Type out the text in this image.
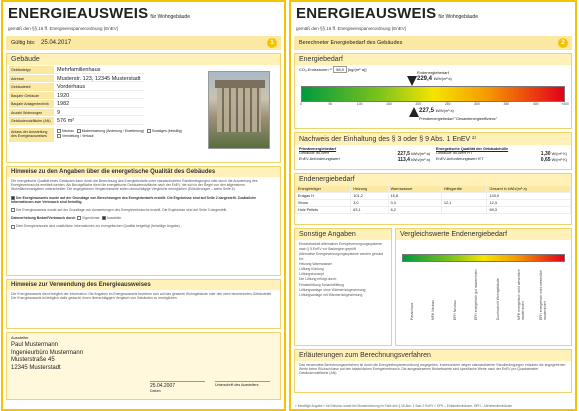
ENERGIEAUSWEIS für Wohngebäude
gemäß den §§ 16 ff. Energieeinsparverordnung (EnEV)
Gültig bis: 25.04.2017	1
Gebäude
Gebäudetyp	Mehrfamilienhaus
Adresse	Musterstr. 123, 12345 Musterstadt
Gebäudeteil	Vorderhaus
Baujahr Gebäude	1920
Baujahr Anlagentechnik	1982
Anzahl Wohnungen	9
Gebäudenutzfläche (AN)	576 m²
Anlass der Ausstellung des Energieausweises
Neubau Modernisierung (Änderung / Erweiterung) Sonstiges (freiwillig)
Vermietung / Verkauf
Hinweise zu den Angaben über die energetische Qualität des Gebäudes
Die energetische Qualität eines Gebäudes kann durch die Berechnung des Energiebedarfs unter standardisierten Randbedingungen oder durch die Auswertung des Energieverbrauchs ermittelt werden. Als Bezugsfläche dient die energetische Gebäudenutzfläche nach der EnEV, die sich in der Regel von den allgemeinen Wohnflächenangaben unterscheidet. Die angegebenen Vergleichswerte sollen überschlägige Vergleiche ermöglichen (Erläuterungen – siehe Seite 4).
Der Energieausweis wurde auf der Grundlage von Berechnungen des Energiebedarfs erstellt. Die Ergebnisse sind auf Seite 2 dargestellt. Zusätzliche Informationen zum Verbrauch sind freiwillig.
Der Energieausweis wurde auf der Grundlage von Auswertungen des Energieverbrauchs erstellt. Die Ergebnisse sind auf Seite 3 dargestellt.
Datenerhebung Bedarf/Verbrauch durch Eigentümer Aussteller
Dem Energieausweis sind zusätzliche Informationen zur energetischen Qualität beigefügt (freiwillige Angabe).
Hinweise zur Verwendung des Energieausweises
Der Energieausweis dient lediglich der Information. Die Angaben im Energieausweis beziehen sich auf das gesamte Wohngebäude oder den oben bezeichneten Gebäudeteil. Der Energieausweis ist lediglich dafür gedacht, einen überschlägigen Vergleich von Gebäuden zu ermöglichen.
Aussteller
Paul Mustermann
Ingenieurbüro Mustermann
Musterstraße 45
12345 Musterstadt
25.04.2007
Datum
Unterschrift des Ausstellers
ENERGIEAUSWEIS für Wohngebäude
gemäß den §§ 16 ff. Energieeinsparverordnung (EnEV)
Berechneter Energiebedarf des Gebäudes	2
Energiebedarf
CO₂-Emissionen ¹⁾ 58,9 [kg/(m²·a)]
Endenergiebedarf
229,4 kWh/(m²·a)
0	50	100	150	200	250	300	350	400	>400
227,5 kWh/(m²·a)
Primärenergiebedarf "Gesamtenergieeffizienz"
Nachweis der Einhaltung des § 3 oder § 9 Abs. 1 EnEV ²⁾
Primärenergiebedarf
Gebäude Ist-Wert	227,5 kWh/(m²·a)
EnEV-Anforderungswert	113,4 kWh/(m²·a)
Energetische Qualität der Gebäudehülle
Gebäude Ist-Wert H'T	1,30 W/(m²·K)
EnEV-Anforderungswert H'T	0,65 W/(m²·K)
Endenergiebedarf
Energieträger	Heizung	Warmwasser	Hilfsgeräte	Gesamt in kWh/(m²·a)
Erdgas H	101,2	15,8		143,9
Strom	3,0	0,3	12,1	12,3
Holz Pellets	63,1	6,2		69,3
Sonstige Angaben
Einsetzbarkeit alternativer Energieversorgungssysteme
nach § 5 EnEV vor Baubeginn geprüft
Alternative Energieversorgungssysteme werden genutzt für:
Heizung Warmwasser
Lüftung Kühlung
Lüftungskonzept
Die Lüftung erfolgt durch:
Fensterlüftung Schachtlüftung
Lüftungsanlage ohne Wärmerückgewinnung
Lüftungsanlage mit Wärmerückgewinnung
Vergleichswerte Endenergiebedarf
Passivhaus	MFH Neubau	EFH Neubau	EFH energetisch gut modernisiert	Durchschnitt Wohngebäude	MFH energetisch nicht wesentlich modernisiert	EFH energetisch nicht wesentlich modernisiert
Erläuterungen zum Berechnungsverfahren
Das verwendete Berechnungsverfahren ist durch die Energieeinsparverordnung vorgegeben. Insbesondere wegen standardisierter Randbedingungen erlauben die angegebenen Werte keine Rückschlüsse auf den tatsächlichen Energieverbrauch. Die ausgewiesenen Bedarfswerte sind spezifische Werte nach der EnEV pro Quadratmeter Gebäudenutzfläche (AN).
¹⁾ freiwillige Angabe ²⁾ bei Neubau sowie bei Modernisierung im Falle des § 16 Abs. 1 Satz 2 EnEV ³⁾ EFH – Einfamilienhäuser, MFH – Mehrfamilienhäuser
